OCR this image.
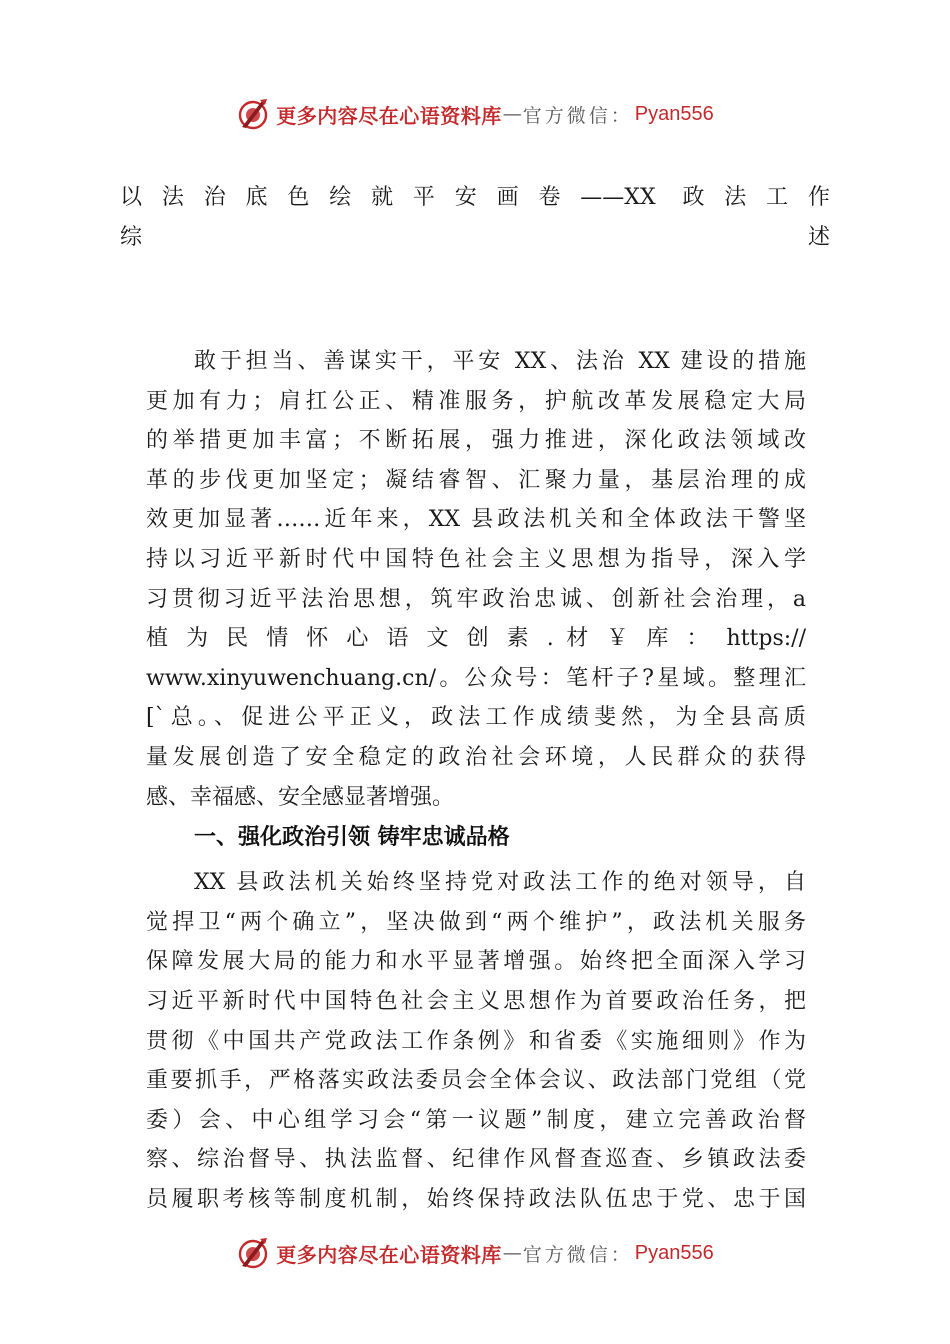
更多内容尽在心语资料库 — 官方微信： Pyan556
以法治底色绘就平安画卷——XX 政法工作
综述
敢于担当、善谋实干，平安 XX、法治 XX 建设的措施
更加有力；肩扛公正、精准服务，护航改革发展稳定大局
的举措更加丰富；不断拓展，强力推进，深化政法领域改
革的步伐更加坚定；凝结睿智、汇聚力量，基层治理的成
效更加显著……近年来，XX 县政法机关和全体政法干警坚
持以习近平新时代中国特色社会主义思想为指导，深入学
习贯彻习近平法治思想，筑牢政治忠诚、创新社会治理，a
植 为 民 情 怀 心 语 文 创 素 . 材 ￥ 库 ： https://
www.xinyuwenchuang.cn/。公众号：笔杆子?星域。整理汇
[`总。、促进公平正义，政法工作成绩斐然，为全县高质
量发展创造了安全稳定的政治社会环境，人民群众的获得
感、幸福感、安全感显著增强。
一、强化政治引领 铸牢忠诚品格
XX 县政法机关始终坚持党对政法工作的绝对领导，自
觉捍卫“两个确立”，坚决做到“两个维护”，政法机关服务
保障发展大局的能力和水平显著增强。始终把全面深入学习
习近平新时代中国特色社会主义思想作为首要政治任务，把
贯彻《中国共产党政法工作条例》和省委《实施细则》作为
重要抓手，严格落实政法委员会全体会议、政法部门党组（党
委）会、中心组学习会“第一议题”制度，建立完善政治督
察、综治督导、执法监督、纪律作风督查巡查、乡镇政法委
员履职考核等制度机制，始终保持政法队伍忠于党、忠于国
更多内容尽在心语资料库 — 官方微信： Pyan556
